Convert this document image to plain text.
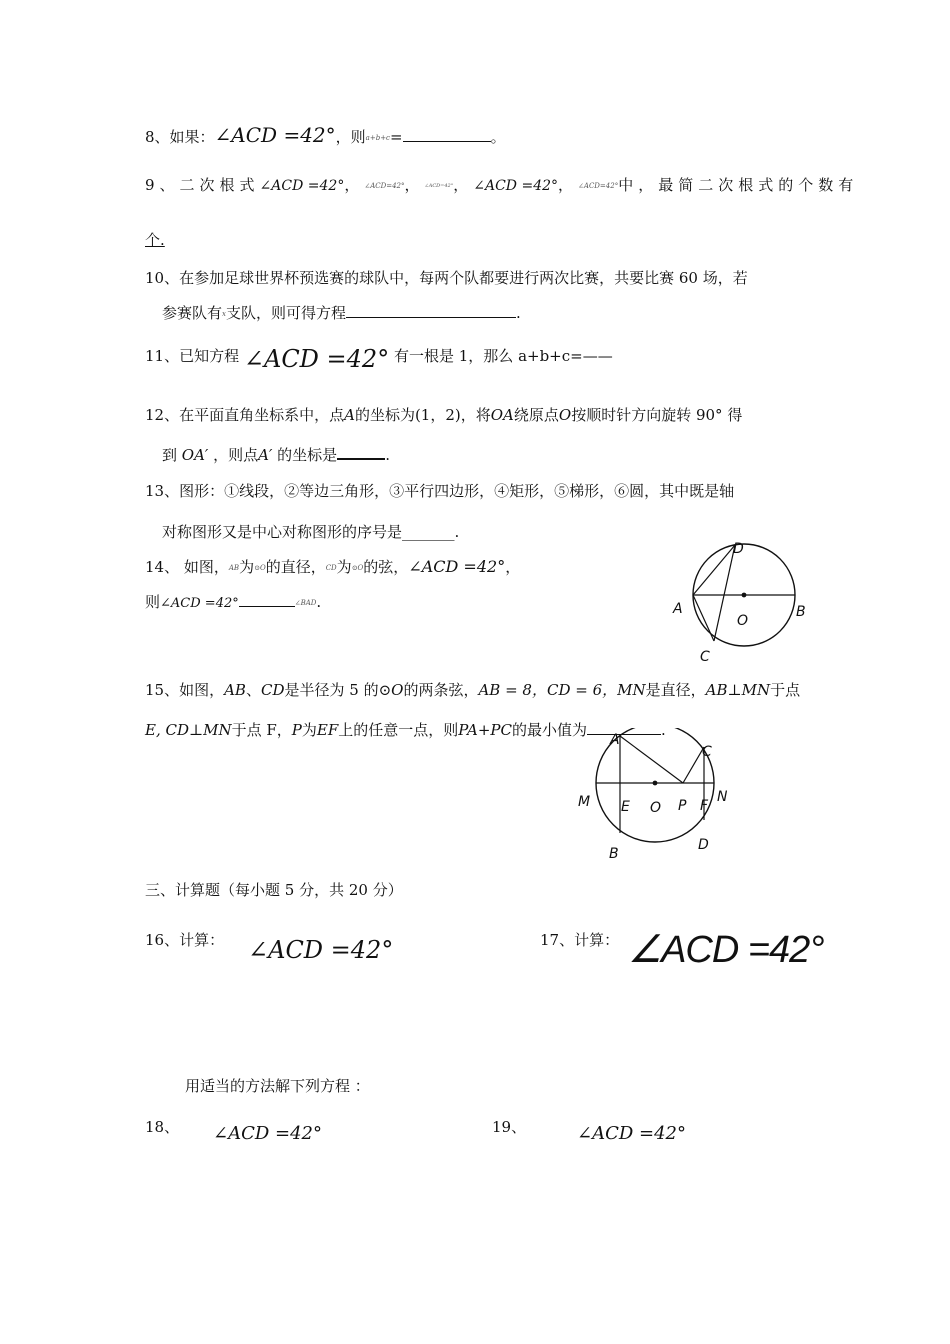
8、如果：∠ACD =42°，则a+b+c=	。
9、二次根式∠ACD =42°，∠ACD=42°，∠ACD=42°，∠ACD =42°，∠ACD=42°中，最简二次根式的个数有
个.
10、在参加足球世界杯预选赛的球队中，每两个队都要进行两次比赛，共要比赛 60 场，若
参赛队有x支队，则可得方程	.
11、已知方程 ∠ACD =42° 有一根是 1，那么 a+b+c=——
12、在平面直角坐标系中，点A的坐标为(1，2)，将OA绕原点O按顺时针方向旋转 90° 得
到 OA′ ，则点A′ 的坐标是	.
13、图形：①线段，②等边三角形，③平行四边形，④矩形，⑤梯形，⑥圆，其中既是轴
对称图形又是中心对称图形的序号是_______.
14、 如图，AB为⊙O的直径，CD为⊙O的弦，∠ACD =42°，
则∠ACD =42°	∠BAD.	A	B
C
D
O
15、如图，AB、CD是半径为 5 的⊙O的两条弦，AB = 8，CD = 6，MN是直径，AB⊥MN于点
E, CD⊥MN于点 F，P为EF上的任意一点，则PA+PC的最小值为	.
A
C
M E O P F
N
B
D
三、计算题（每小题 5 分，共 20 分）
16、计算： ∠ACD =42°	17、计算： ∠ACD =42°
用适当的方法解下列方程 ：
18、 ∠ACD =42°	19、	∠ACD =42°
